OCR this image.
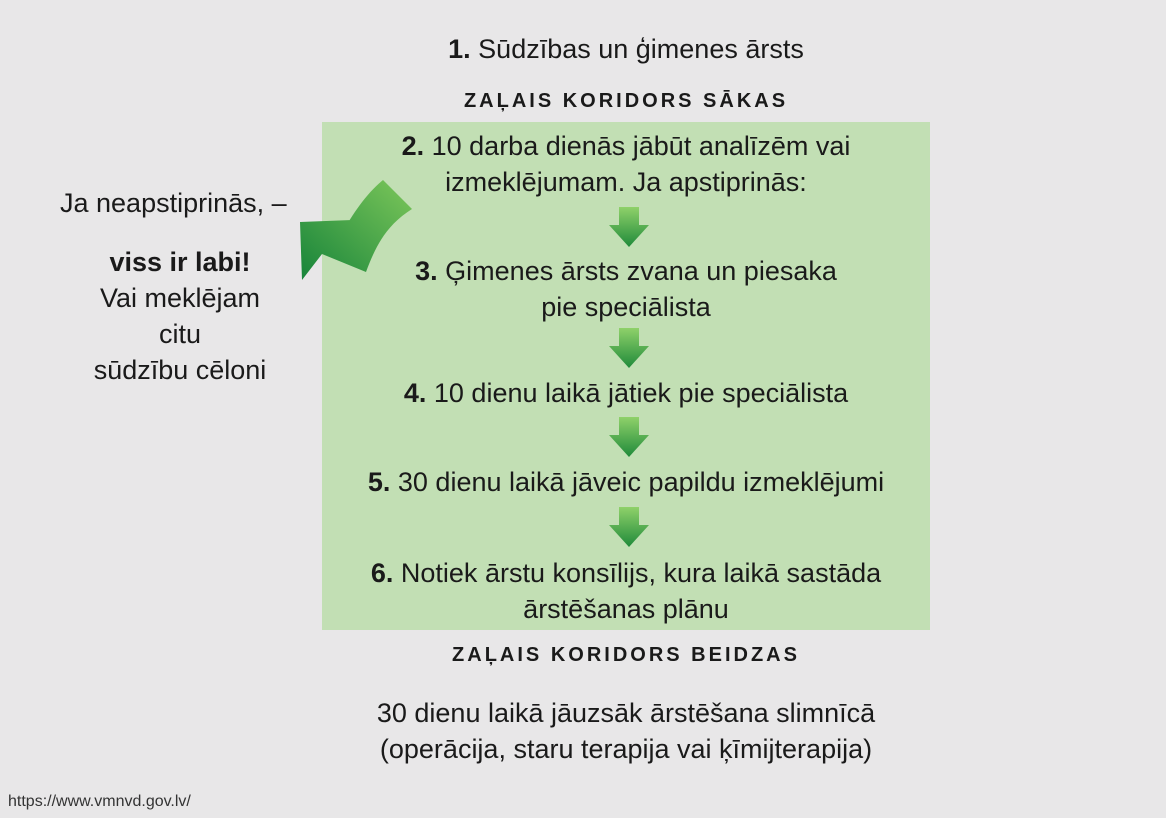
1. Sūdzības un ģimenes ārsts
ZAĻAIS KORIDORS SĀKAS
2. 10 darba dienās jābūt analīzēm vai
izmeklējumam. Ja apstiprinās:
3. Ģimenes ārsts zvana un piesaka
pie speciālista
4. 10 dienu laikā jātiek pie speciālista
5. 30 dienu laikā jāveic papildu izmeklējumi
6. Notiek ārstu konsīlijs, kura laikā sastāda
ārstēšanas plānu
ZAĻAIS KORIDORS BEIDZAS
30 dienu laikā jāuzsāk ārstēšana slimnīcā
(operācija, staru terapija vai ķīmijterapija)
Ja neapstiprinās, –
viss ir labi!
Vai meklējam
citu
sūdzību cēloni
https://www.vmnvd.gov.lv/
